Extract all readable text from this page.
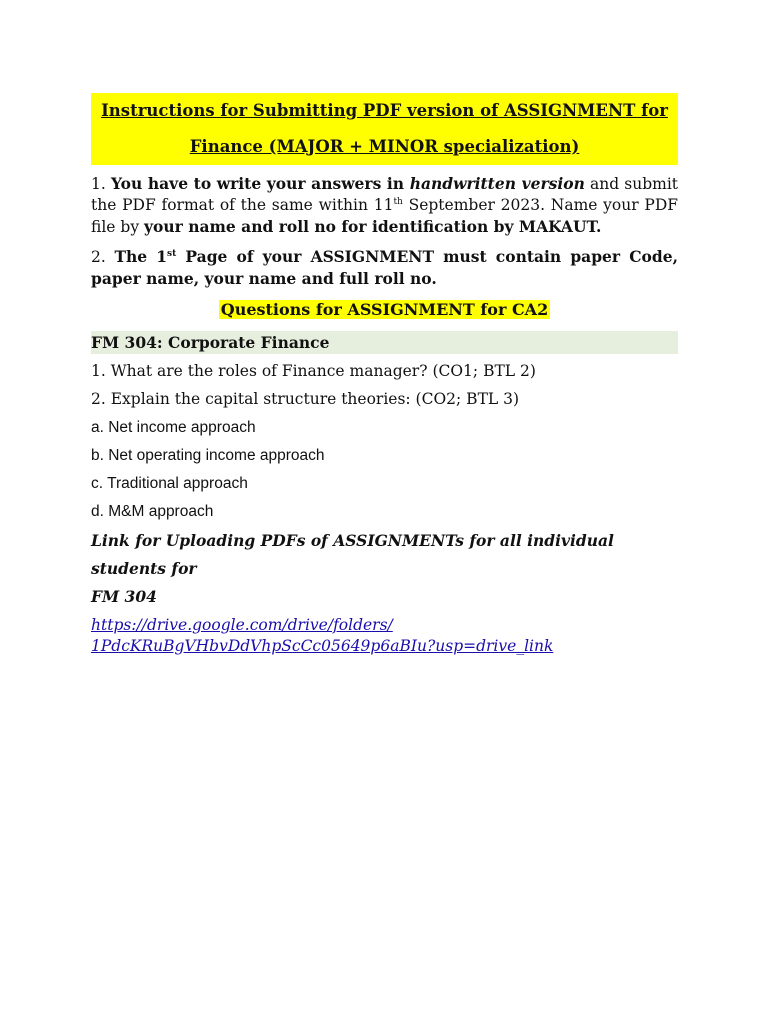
Instructions for Submitting PDF version of ASSIGNMENT for
Finance (MAJOR + MINOR specialization)
1. You have to write your answers in handwritten version and submit the PDF format of the same within 11th September 2023. Name your PDF file by your name and roll no for identification by MAKAUT.
2. The 1st Page of your ASSIGNMENT must contain paper Code, paper name, your name and full roll no.
Questions for ASSIGNMENT for CA2
FM 304: Corporate Finance
1. What are the roles of Finance manager? (CO1; BTL 2)
2. Explain the capital structure theories: (CO2; BTL 3)
a. Net income approach
b. Net operating income approach
c. Traditional approach
d. M&M approach
Link for Uploading PDFs of ASSIGNMENTs for all individual students for
FM 304
https://drive.google.com/drive/folders/
1PdcKRuBgVHbvDdVhpScCc05649p6aBIu?usp=drive_link
